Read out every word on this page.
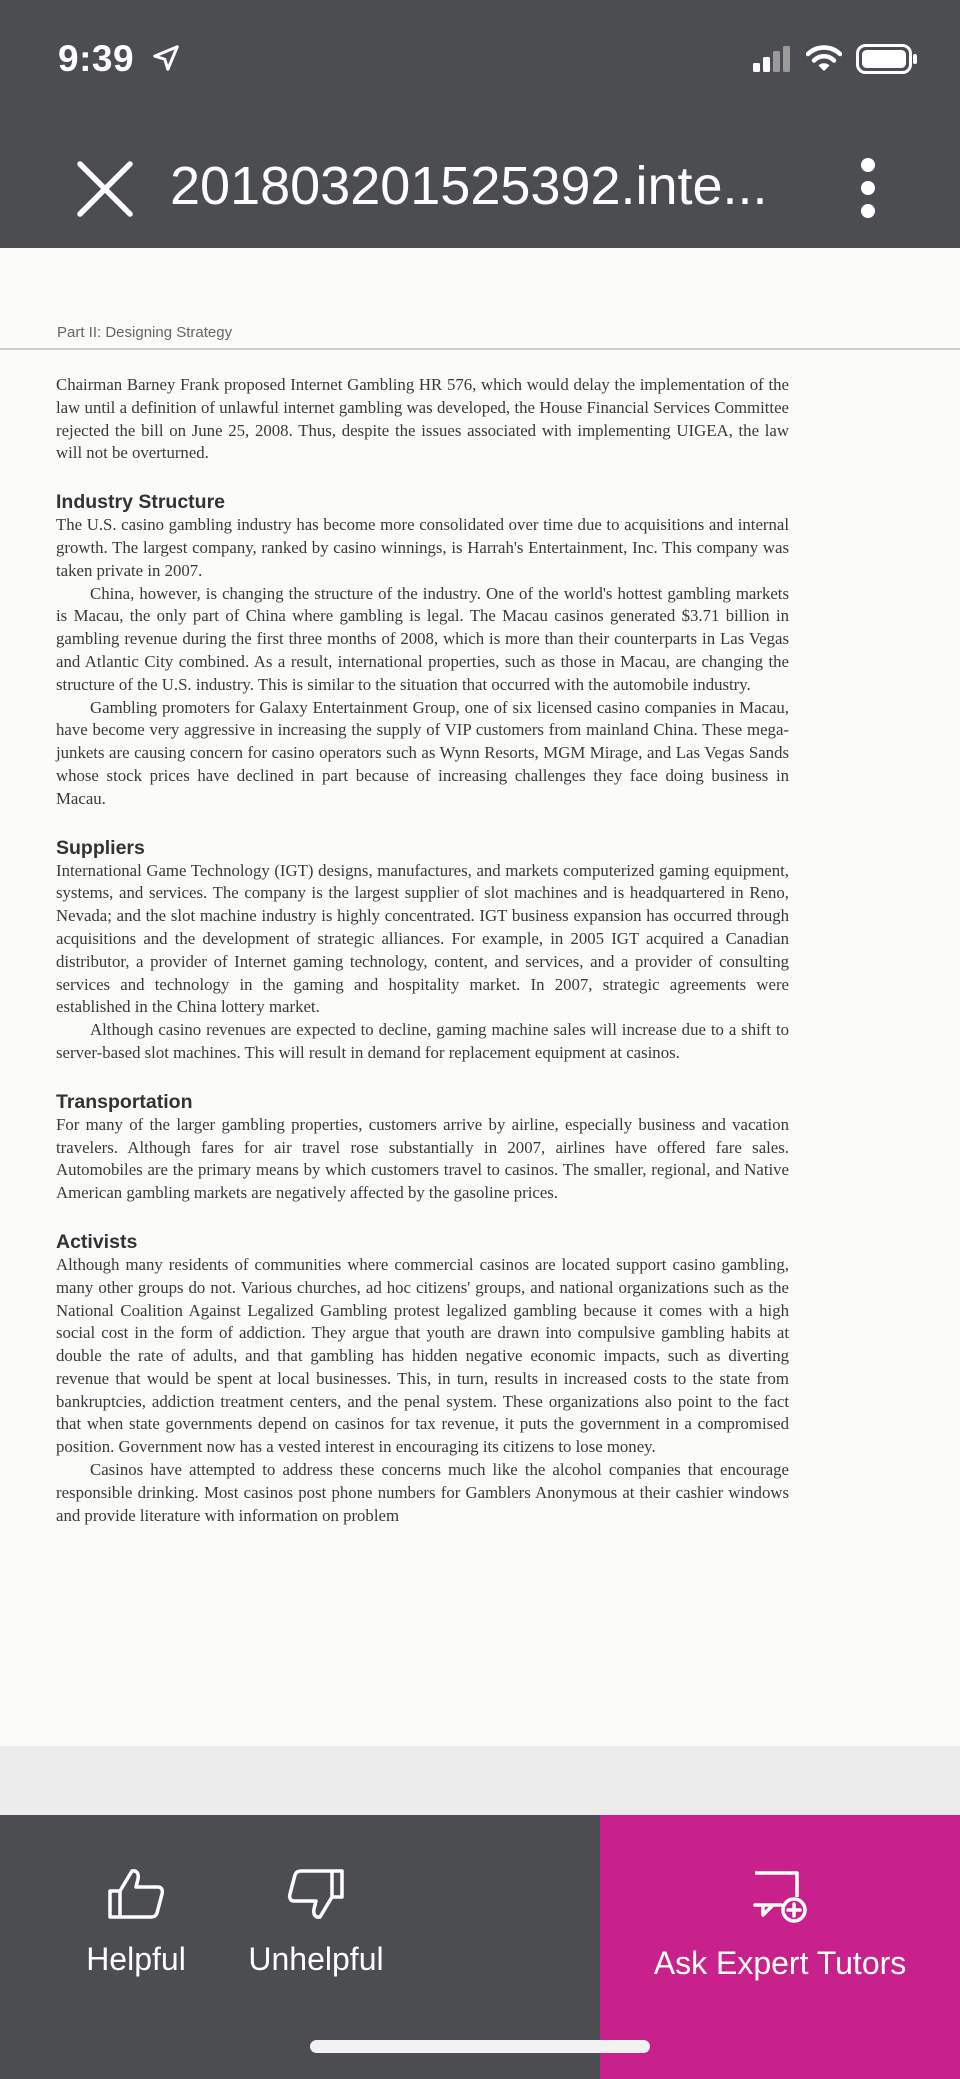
9:39
201803201525392.inte...
Part II: Designing Strategy

Chairman Barney Frank proposed Internet Gambling HR 576, which would delay the implementation of the law until a definition of unlawful internet gambling was developed, the House Financial Services Committee rejected the bill on June 25, 2008. Thus, despite the issues associated with implementing UIGEA, the law will not be overturned.

Industry Structure

The U.S. casino gambling industry has become more consolidated over time due to acquisitions and internal growth. The largest company, ranked by casino winnings, is Harrah's Entertainment, Inc. This company was taken private in 2007.

China, however, is changing the structure of the industry. One of the world's hottest gambling markets is Macau, the only part of China where gambling is legal. The Macau casinos generated $3.71 billion in gambling revenue during the first three months of 2008, which is more than their counterparts in Las Vegas and Atlantic City combined. As a result, international properties, such as those in Macau, are changing the structure of the U.S. industry. This is similar to the situation that occurred with the automobile industry.

Gambling promoters for Galaxy Entertainment Group, one of six licensed casino companies in Macau, have become very aggressive in increasing the supply of VIP customers from mainland China. These mega-junkets are causing concern for casino operators such as Wynn Resorts, MGM Mirage, and Las Vegas Sands whose stock prices have declined in part because of increasing challenges they face doing business in Macau.

Suppliers

International Game Technology (IGT) designs, manufactures, and markets computerized gaming equipment, systems, and services. The company is the largest supplier of slot machines and is headquartered in Reno, Nevada; and the slot machine industry is highly concentrated. IGT business expansion has occurred through acquisitions and the development of strategic alliances. For example, in 2005 IGT acquired a Canadian distributor, a provider of Internet gaming technology, content, and services, and a provider of consulting services and technology in the gaming and hospitality market. In 2007, strategic agreements were established in the China lottery market.

Although casino revenues are expected to decline, gaming machine sales will increase due to a shift to server-based slot machines. This will result in demand for replacement equipment at casinos.

Transportation

For many of the larger gambling properties, customers arrive by airline, especially business and vacation travelers. Although fares for air travel rose substantially in 2007, airlines have offered fare sales. Automobiles are the primary means by which customers travel to casinos. The smaller, regional, and Native American gambling markets are negatively affected by the gasoline prices.

Activists

Although many residents of communities where commercial casinos are located support casino gambling, many other groups do not. Various churches, ad hoc citizens' groups, and national organizations such as the National Coalition Against Legalized Gambling protest legalized gambling because it comes with a high social cost in the form of addiction. They argue that youth are drawn into compulsive gambling habits at double the rate of adults, and that gambling has hidden negative economic impacts, such as diverting revenue that would be spent at local businesses. This, in turn, results in increased costs to the state from bankruptcies, addiction treatment centers, and the penal system. These organizations also point to the fact that when state governments depend on casinos for tax revenue, it puts the government in a compromised position. Government now has a vested interest in encouraging its citizens to lose money.

Casinos have attempted to address these concerns much like the alcohol companies that encourage responsible drinking. Most casinos post phone numbers for Gamblers Anonymous at their cashier windows and provide literature with information on problem

Helpful	Unhelpful	Ask Expert Tutors
